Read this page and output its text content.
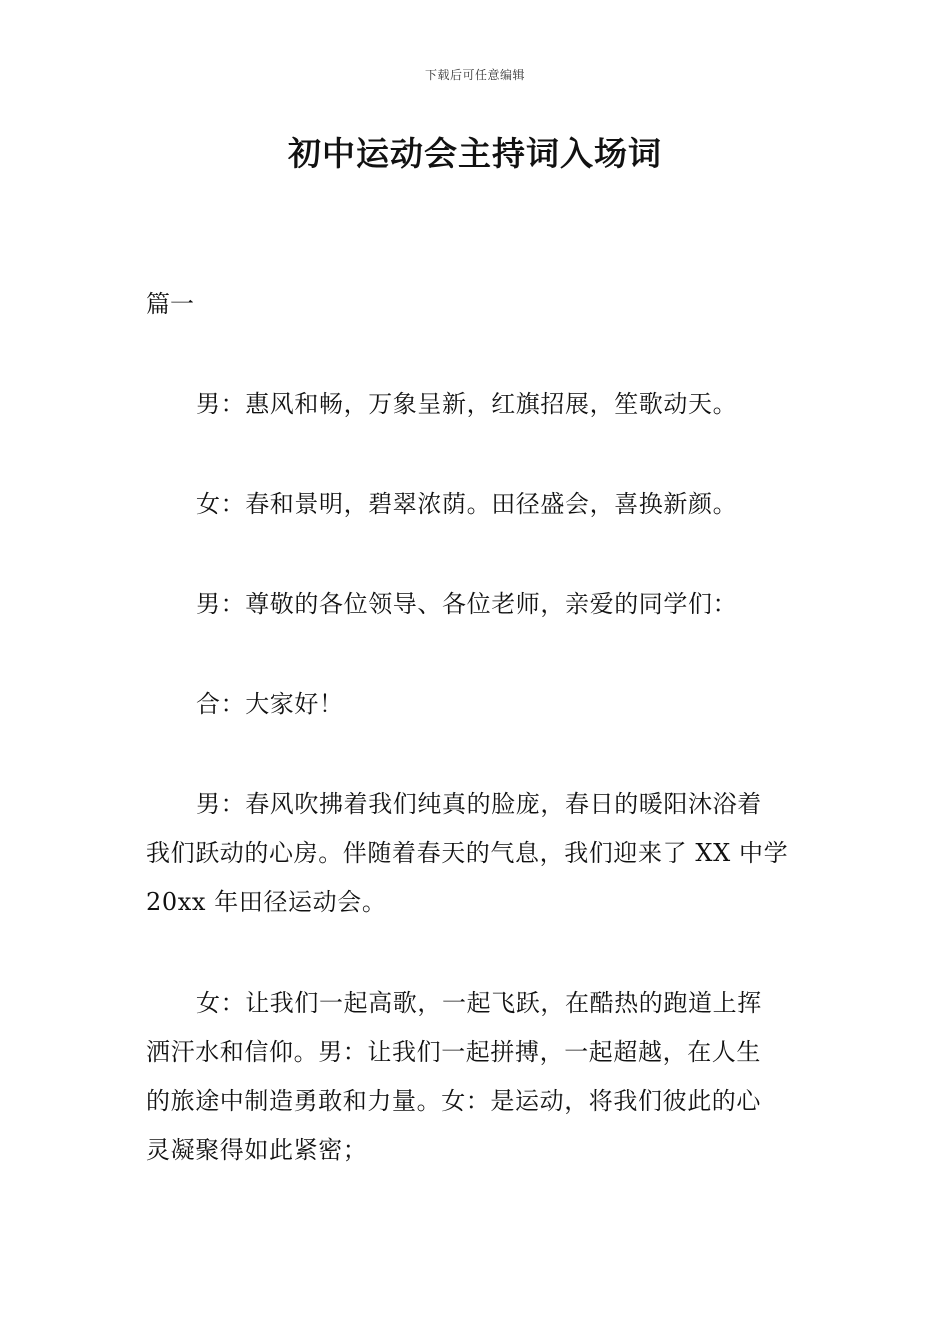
下载后可任意编辑
初中运动会主持词入场词
篇一
男：惠风和畅，万象呈新，红旗招展，笙歌动天。
女：春和景明，碧翠浓荫。田径盛会，喜换新颜。
男：尊敬的各位领导、各位老师，亲爱的同学们：
合：大家好！
男：春风吹拂着我们纯真的脸庞，春日的暖阳沐浴着
我们跃动的心房。伴随着春天的气息，我们迎来了 XX 中学
20xx 年田径运动会。
女：让我们一起高歌，一起飞跃，在酷热的跑道上挥
洒汗水和信仰。男：让我们一起拼搏，一起超越，在人生
的旅途中制造勇敢和力量。女：是运动，将我们彼此的心
灵凝聚得如此紧密；
